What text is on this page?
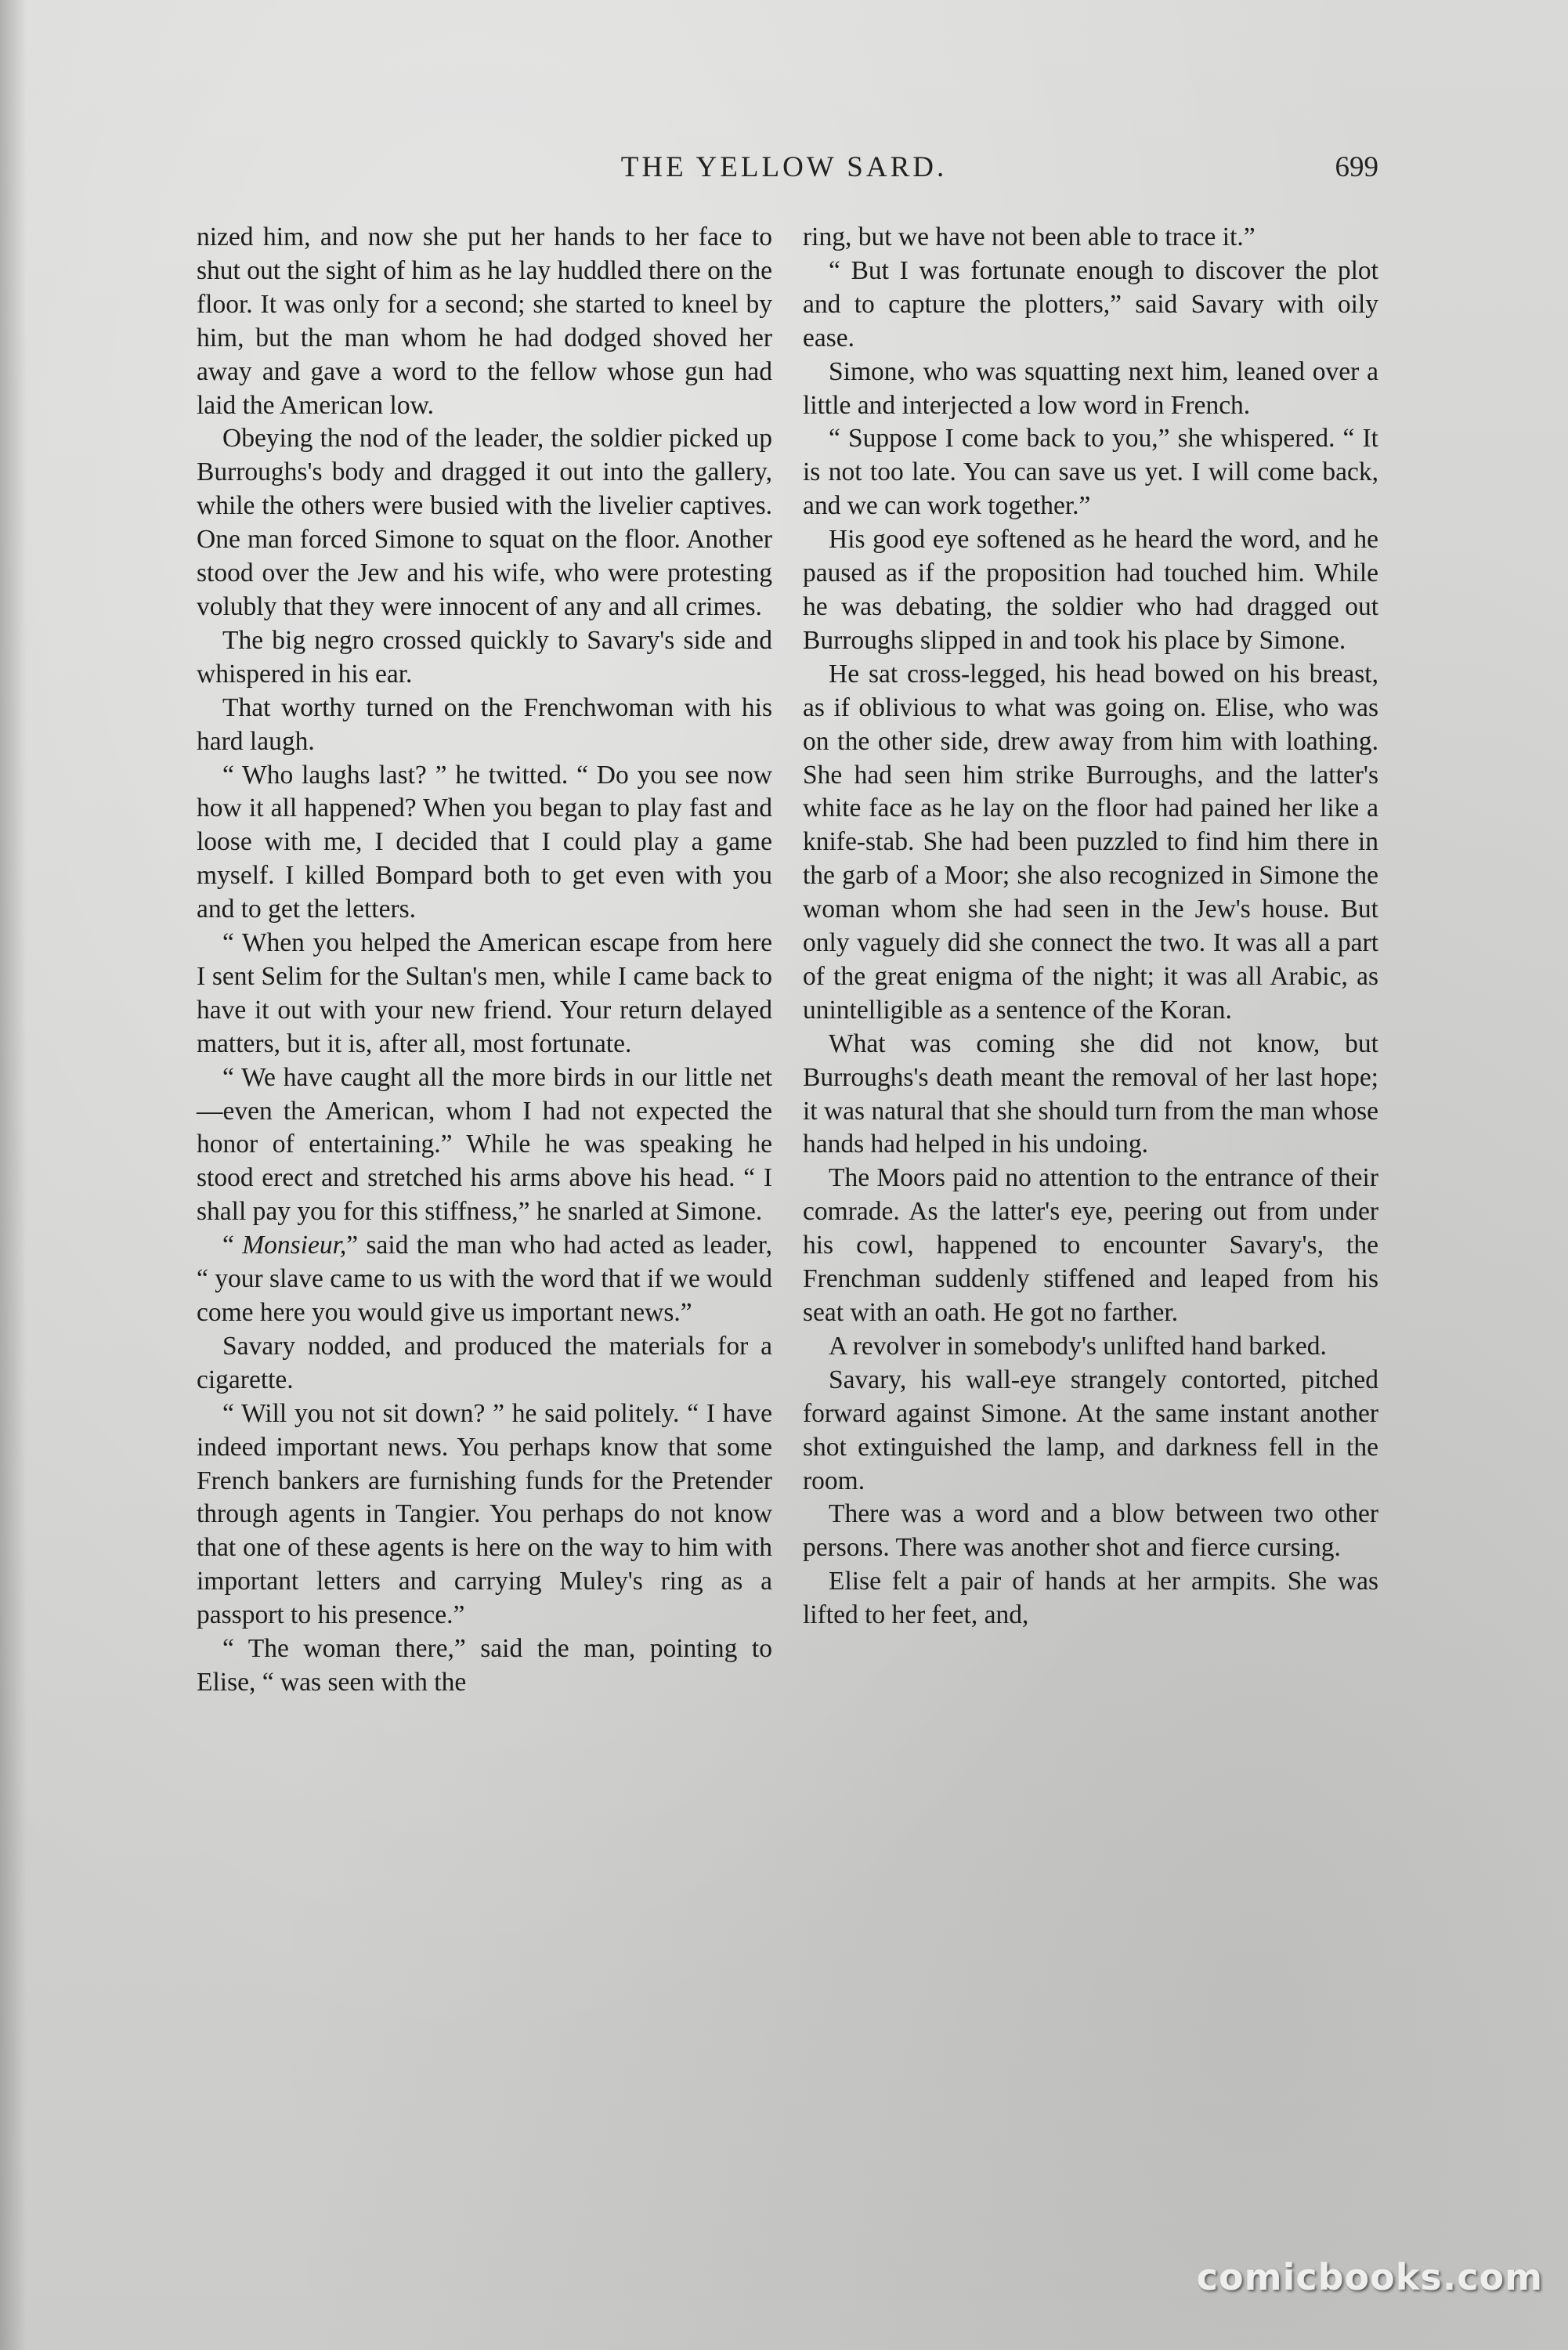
THE YELLOW SARD.	699

nized him, and now she put her hands to her face to shut out the sight of him as he lay huddled there on the floor. It was only for a second; she started to kneel by him, but the man whom he had dodged shoved her away and gave a word to the fellow whose gun had laid the American low.

Obeying the nod of the leader, the soldier picked up Burroughs's body and dragged it out into the gallery, while the others were busied with the livelier captives. One man forced Simone to squat on the floor. Another stood over the Jew and his wife, who were protesting volubly that they were innocent of any and all crimes.

The big negro crossed quickly to Savary's side and whispered in his ear.

That worthy turned on the Frenchwoman with his hard laugh.

“ Who laughs last? ” he twitted. “ Do you see now how it all happened? When you began to play fast and loose with me, I decided that I could play a game myself. I killed Bompard both to get even with you and to get the letters.

“ When you helped the American escape from here I sent Selim for the Sultan's men, while I came back to have it out with your new friend. Your return delayed matters, but it is, after all, most fortunate.

“ We have caught all the more birds in our little net—even the American, whom I had not expected the honor of entertaining.” While he was speaking he stood erect and stretched his arms above his head. “ I shall pay you for this stiffness,” he snarled at Simone.

“ Monsieur,” said the man who had acted as leader, “ your slave came to us with the word that if we would come here you would give us important news.”

Savary nodded, and produced the materials for a cigarette.

“ Will you not sit down? ” he said politely. “ I have indeed important news. You perhaps know that some French bankers are furnishing funds for the Pretender through agents in Tangier. You perhaps do not know that one of these agents is here on the way to him with important letters and carrying Muley's ring as a passport to his presence.”

“ The woman there,” said the man, pointing to Elise, “ was seen with the

ring, but we have not been able to trace it.”

“ But I was fortunate enough to discover the plot and to capture the plotters,” said Savary with oily ease.

Simone, who was squatting next him, leaned over a little and interjected a low word in French.

“ Suppose I come back to you,” she whispered. “ It is not too late. You can save us yet. I will come back, and we can work together.”

His good eye softened as he heard the word, and he paused as if the proposition had touched him. While he was debating, the soldier who had dragged out Burroughs slipped in and took his place by Simone.

He sat cross-legged, his head bowed on his breast, as if oblivious to what was going on. Elise, who was on the other side, drew away from him with loathing. She had seen him strike Burroughs, and the latter's white face as he lay on the floor had pained her like a knife-stab. She had been puzzled to find him there in the garb of a Moor; she also recognized in Simone the woman whom she had seen in the Jew's house. But only vaguely did she connect the two. It was all a part of the great enigma of the night; it was all Arabic, as unintelligible as a sentence of the Koran.

What was coming she did not know, but Burroughs's death meant the removal of her last hope; it was natural that she should turn from the man whose hands had helped in his undoing.

The Moors paid no attention to the entrance of their comrade. As the latter's eye, peering out from under his cowl, happened to encounter Savary's, the Frenchman suddenly stiffened and leaped from his seat with an oath. He got no farther.

A revolver in somebody's unlifted hand barked.

Savary, his wall-eye strangely contorted, pitched forward against Simone. At the same instant another shot extinguished the lamp, and darkness fell in the room.

There was a word and a blow between two other persons. There was another shot and fierce cursing.

Elise felt a pair of hands at her armpits. She was lifted to her feet, and,

comicbooks.com
